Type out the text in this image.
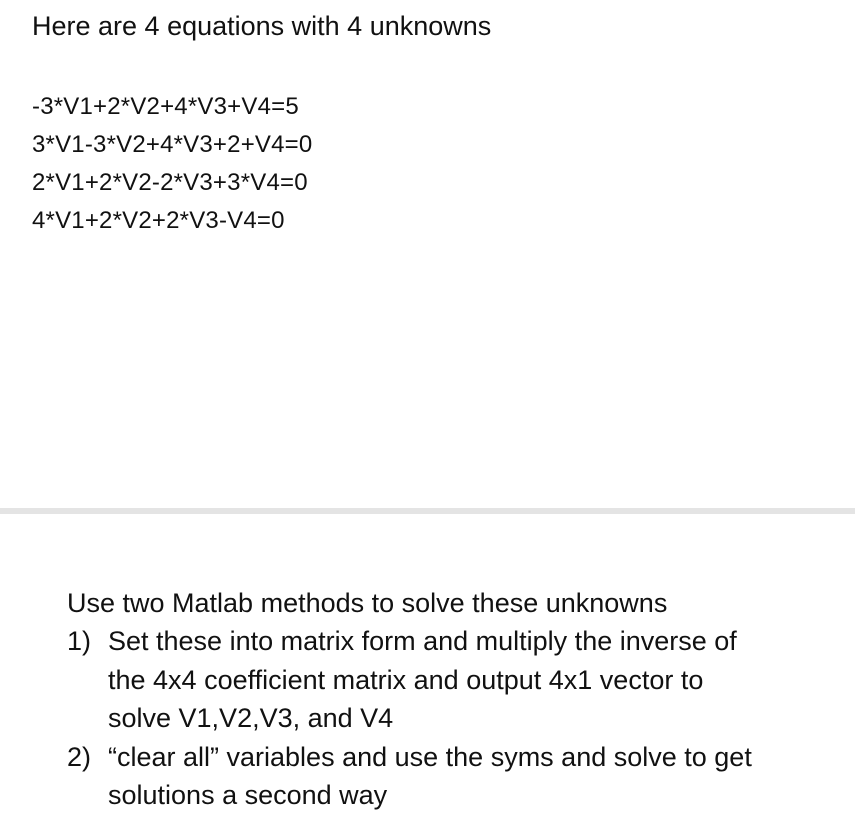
Here are 4 equations with 4 unknowns

-3*V1+2*V2+4*V3+V4=5
3*V1-3*V2+4*V3+2+V4=0
2*V1+2*V2-2*V3+3*V4=0
4*V1+2*V2+2*V3-V4=0

Use two Matlab methods to solve these unknowns

1) Set these into matrix form and multiply the inverse of the 4x4 coefficient matrix and output 4x1 vector to solve V1,V2,V3, and V4
2) “clear all” variables and use the syms and solve to get solutions a second way
